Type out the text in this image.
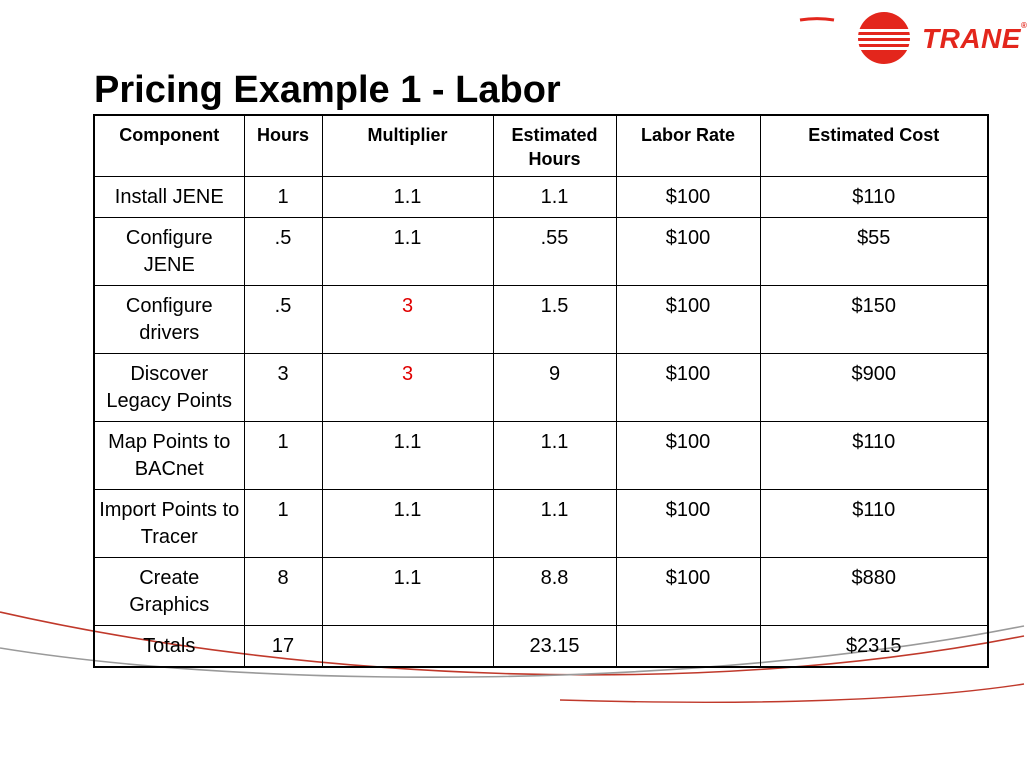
TRANE®
Pricing Example 1 - Labor
Component	Hours	Multiplier	Estimated Hours	Labor Rate	Estimated Cost
Install JENE	1	1.1	1.1	$100	$110
Configure JENE	.5	1.1	.55	$100	$55
Configure drivers	.5	3	1.5	$100	$150
Discover Legacy Points	3	3	9	$100	$900
Map Points to BACnet	1	1.1	1.1	$100	$110
Import Points to Tracer	1	1.1	1.1	$100	$110
Create Graphics	8	1.1	8.8	$100	$880
Totals	17		23.15		$2315
